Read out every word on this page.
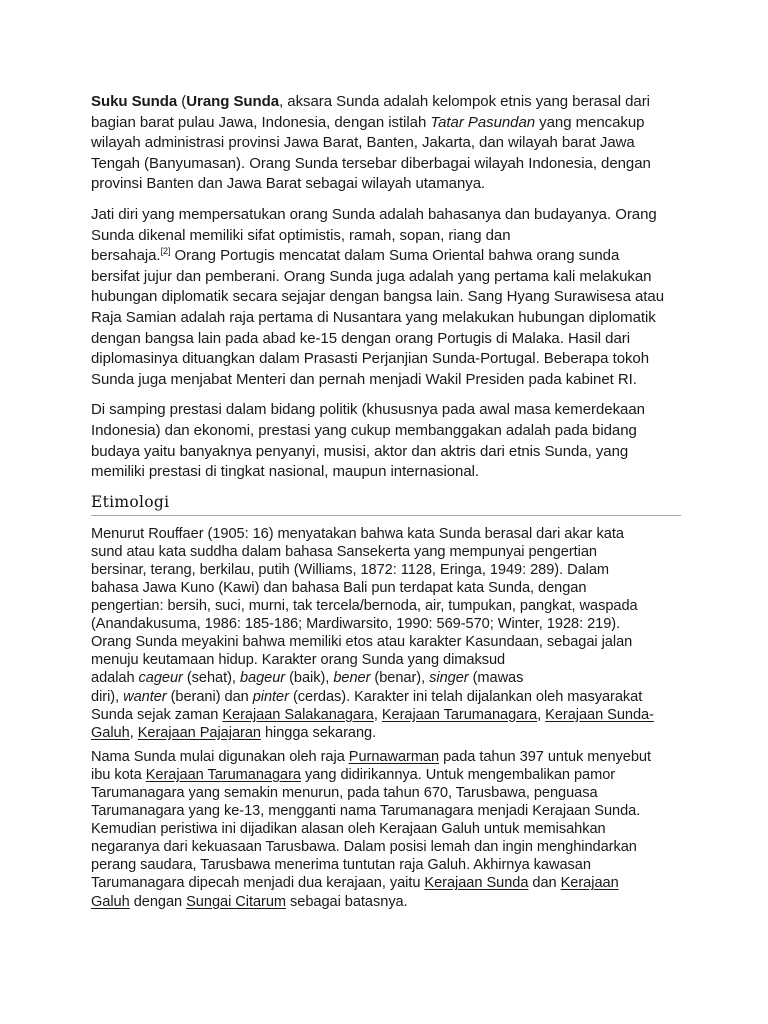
Suku Sunda (Urang Sunda, aksara Sunda adalah kelompok etnis yang berasal dari
bagian barat pulau Jawa, Indonesia, dengan istilah Tatar Pasundan yang mencakup
wilayah administrasi provinsi Jawa Barat, Banten, Jakarta, dan wilayah barat Jawa
Tengah (Banyumasan). Orang Sunda tersebar diberbagai wilayah Indonesia, dengan
provinsi Banten dan Jawa Barat sebagai wilayah utamanya.

Jati diri yang mempersatukan orang Sunda adalah bahasanya dan budayanya. Orang
Sunda dikenal memiliki sifat optimistis, ramah, sopan, riang dan
bersahaja.[2] Orang Portugis mencatat dalam Suma Oriental bahwa orang sunda
bersifat jujur dan pemberani. Orang Sunda juga adalah yang pertama kali melakukan
hubungan diplomatik secara sejajar dengan bangsa lain. Sang Hyang Surawisesa atau
Raja Samian adalah raja pertama di Nusantara yang melakukan hubungan diplomatik
dengan bangsa lain pada abad ke-15 dengan orang Portugis di Malaka. Hasil dari
diplomasinya dituangkan dalam Prasasti Perjanjian Sunda-Portugal. Beberapa tokoh
Sunda juga menjabat Menteri dan pernah menjadi Wakil Presiden pada kabinet RI.

Di samping prestasi dalam bidang politik (khususnya pada awal masa kemerdekaan
Indonesia) dan ekonomi, prestasi yang cukup membanggakan adalah pada bidang
budaya yaitu banyaknya penyanyi, musisi, aktor dan aktris dari etnis Sunda, yang
memiliki prestasi di tingkat nasional, maupun internasional.

Etimologi

Menurut Rouffaer (1905: 16) menyatakan bahwa kata Sunda berasal dari akar kata
sund atau kata suddha dalam bahasa Sansekerta yang mempunyai pengertian
bersinar, terang, berkilau, putih (Williams, 1872: 1128, Eringa, 1949: 289). Dalam
bahasa Jawa Kuno (Kawi) dan bahasa Bali pun terdapat kata Sunda, dengan
pengertian: bersih, suci, murni, tak tercela/bernoda, air, tumpukan, pangkat, waspada
(Anandakusuma, 1986: 185-186; Mardiwarsito, 1990: 569-570; Winter, 1928: 219).
Orang Sunda meyakini bahwa memiliki etos atau karakter Kasundaan, sebagai jalan
menuju keutamaan hidup. Karakter orang Sunda yang dimaksud
adalah cageur (sehat), bageur (baik), bener (benar), singer (mawas
diri), wanter (berani) dan pinter (cerdas). Karakter ini telah dijalankan oleh masyarakat
Sunda sejak zaman Kerajaan Salakanagara, Kerajaan Tarumanagara, Kerajaan Sunda-
Galuh, Kerajaan Pajajaran hingga sekarang.

Nama Sunda mulai digunakan oleh raja Purnawarman pada tahun 397 untuk menyebut
ibu kota Kerajaan Tarumanagara yang didirikannya. Untuk mengembalikan pamor
Tarumanagara yang semakin menurun, pada tahun 670, Tarusbawa, penguasa
Tarumanagara yang ke-13, mengganti nama Tarumanagara menjadi Kerajaan Sunda.
Kemudian peristiwa ini dijadikan alasan oleh Kerajaan Galuh untuk memisahkan
negaranya dari kekuasaan Tarusbawa. Dalam posisi lemah dan ingin menghindarkan
perang saudara, Tarusbawa menerima tuntutan raja Galuh. Akhirnya kawasan
Tarumanagara dipecah menjadi dua kerajaan, yaitu Kerajaan Sunda dan Kerajaan
Galuh dengan Sungai Citarum sebagai batasnya.
